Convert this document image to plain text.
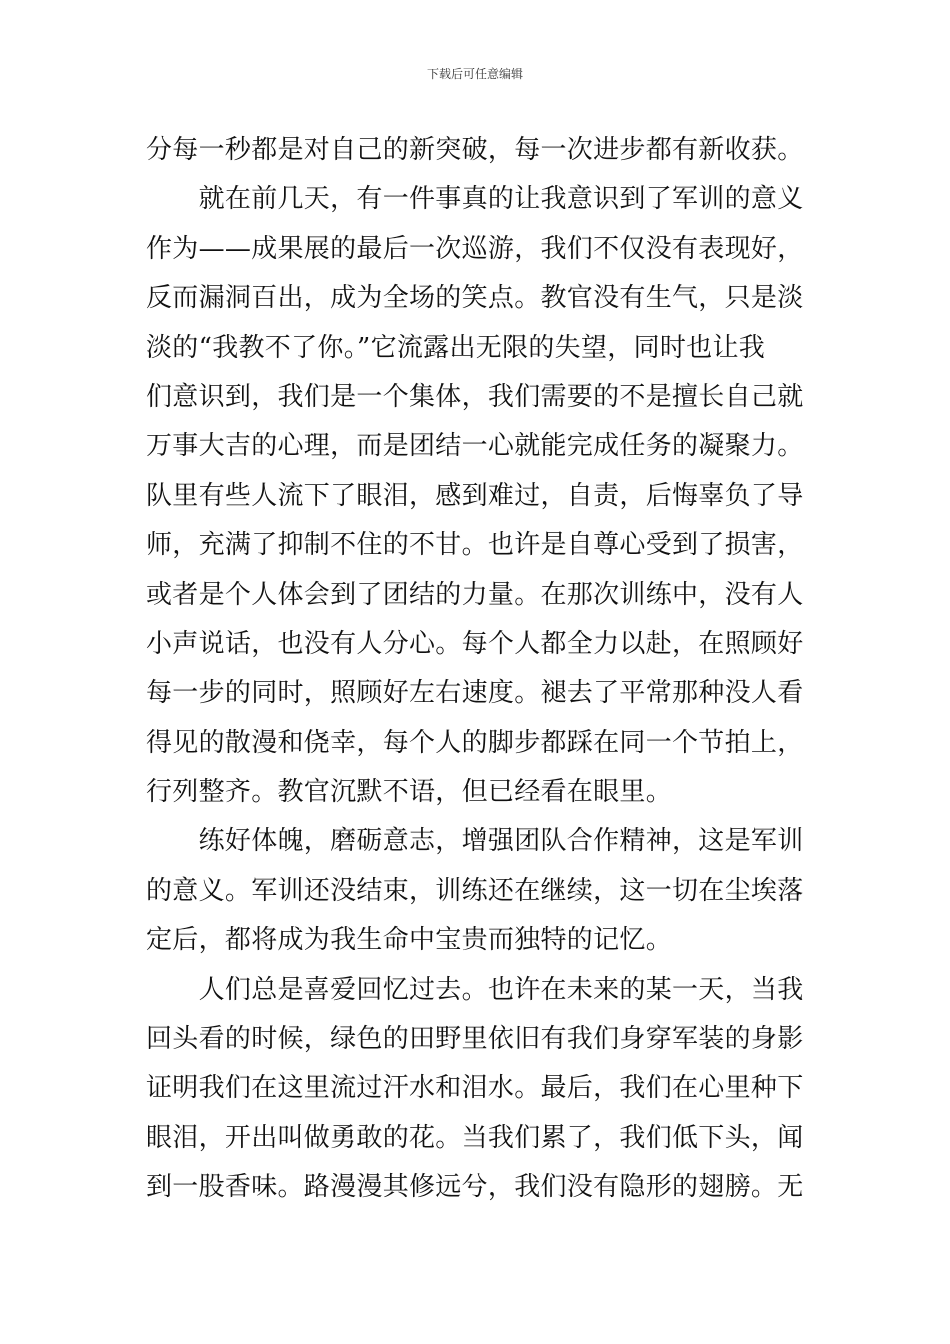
下载后可任意编辑
分每一秒都是对自己的新突破，每一次进步都有新收获。
　　就在前几天，有一件事真的让我意识到了军训的意义
作为——成果展的最后一次巡游，我们不仅没有表现好，
反而漏洞百出，成为全场的笑点。教官没有生气，只是淡
淡的“我教不了你。”它流露出无限的失望，同时也让我
们意识到，我们是一个集体，我们需要的不是擅长自己就
万事大吉的心理，而是团结一心就能完成任务的凝聚力。
队里有些人流下了眼泪，感到难过，自责，后悔辜负了导
师，充满了抑制不住的不甘。也许是自尊心受到了损害，
或者是个人体会到了团结的力量。在那次训练中，没有人
小声说话，也没有人分心。每个人都全力以赴，在照顾好
每一步的同时，照顾好左右速度。褪去了平常那种没人看
得见的散漫和侥幸，每个人的脚步都踩在同一个节拍上，
行列整齐。教官沉默不语，但已经看在眼里。
　　练好体魄，磨砺意志，增强团队合作精神，这是军训
的意义。军训还没结束，训练还在继续，这一切在尘埃落
定后，都将成为我生命中宝贵而独特的记忆。
　　人们总是喜爱回忆过去。也许在未来的某一天，当我
回头看的时候，绿色的田野里依旧有我们身穿军装的身影
证明我们在这里流过汗水和泪水。最后，我们在心里种下
眼泪，开出叫做勇敢的花。当我们累了，我们低下头，闻
到一股香味。路漫漫其修远兮，我们没有隐形的翅膀。无
